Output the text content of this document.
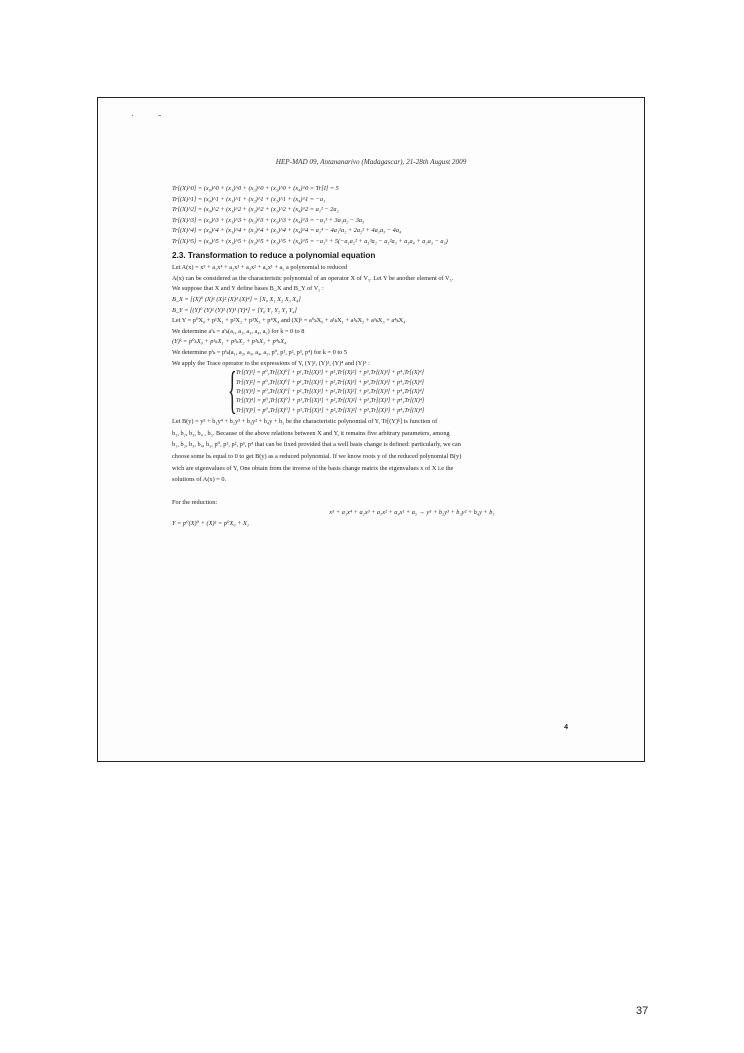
· -
HEP-MAD 09, Antananarivo (Madagascar), 21-28th August 2009
Tr[(X)^0] = (x₀)^0 + (x₁)^0 + (x₂)^0 + (x₃)^0 + (x₄)^0 = Tr[I] = 5
Tr[(X)^1] = (x₀)^1 + (x₁)^1 + (x₂)^1 + (x₃)^1 + (x₄)^1 = −a₁
Tr[(X)^2] = (x₀)^2 + (x₁)^2 + (x₂)^2 + (x₃)^2 + (x₄)^2 = a₁² − 2a₂
Tr[(X)^3] = (x₀)^3 + (x₁)^3 + (x₂)^3 + (x₃)^3 + (x₄)^3 = −a₁³ + 3a₁a₂ − 3a₃
Tr[(X)^4] = (x₀)^4 + (x₁)^4 + (x₂)^4 + (x₃)^4 + (x₄)^4 = a₁⁴ − 4a₁²a₂ + 2a₂² + 4a₁a₃ − 4a₄
Tr[(X)^5] = (x₀)^5 + (x₁)^5 + (x₂)^5 + (x₃)^5 + (x₄)^5 = −a₁⁵ + 5(−a₁a₂² + a₁³a₂ − a₁²a₃ + a₁a₄ + a₂a₃ − a₅)
2.3. Transformation to reduce a polynomial equation
Let A(x) = x⁵ + a₁x⁴ + a₂x³ + a₃x² + a₄x¹ + a₅ a polynomial to reduced
A(x) can be considered as the characteristic polynomial of an operator X of V₅. Let Y be another element of V₅.
We suppose that X and Y define bases B_X and B_Y of V₅ :
B_X = [(X)⁰ (X)¹ (X)² (X)³ (X)⁴] = [X₀ X₁ X₂ X₃ X₄]
B_Y = [(Y)⁰ (Y)¹ (Y)² (Y)³ (Y)⁴] = [Y₀ Y₁ Y₂ Y₃ Y₄]
Let Y = p⁰X₀ + p¹X₁ + p²X₂ + p³X₃ + p⁴X₄ and (X)ᵏ = a⁰ₖX₀ + a¹ₖX₁ + a²ₖX₂ + a³ₖX₃ + a⁴ₖX₄
We determine aⁱₖ = aⁱₖ(a₁, a₂, a₃, a₄, a₅) for k = 0 to 8
(Y)ᵏ = p⁰ₖX₀ + p¹ₖX₁ + p²ₖX₂ + p³ₖX₃ + p⁴ₖX₄
We determine pⁱₖ = pⁱₖ(a₁, a₂, a₃, a₄, a₅, p⁰, p¹, p², p³, p⁴) for k = 0 to 5
We apply the Trace operator to the expressions of Y, (Y)², (Y)³, (Y)⁴ and (Y)⁵ :
{ Tr[(Y)¹] = p⁰₁Tr[(X)⁰] + p¹₁Tr[(X)¹] + p²₁Tr[(X)²] + p³₁Tr[(X)³] + p⁴₁Tr[(X)⁴]
Tr[(Y)²] = p⁰₂Tr[(X)⁰] + p¹₂Tr[(X)¹] + p²₂Tr[(X)²] + p³₂Tr[(X)³] + p⁴₂Tr[(X)⁴]
Tr[(Y)³] = p⁰₃Tr[(X)⁰] + p¹₃Tr[(X)¹] + p²₃Tr[(X)²] + p³₃Tr[(X)³] + p⁴₃Tr[(X)⁴]
Tr[(Y)⁴] = p⁰₄Tr[(X)⁰] + p¹₄Tr[(X)¹] + p²₄Tr[(X)²] + p³₄Tr[(X)³] + p⁴₄Tr[(X)⁴]
Tr[(Y)⁵] = p⁰₅Tr[(X)⁰] + p¹₅Tr[(X)¹] + p²₅Tr[(X)²] + p³₅Tr[(X)³] + p⁴₅Tr[(X)⁴]
Let B(y) = y⁵ + b₁y⁴ + b₂y³ + b₃y² + b₄y + b₅ be the characteristic polynomial of Y, Tr[(Y)ᵏ] is function of
b₁, b₂, b₃, b₄ , b₅. Because of the above relations between X and Y, it remains five arbitrary parameters, among
b₁, b₂, b₃, b₄, b₅, p⁰, p¹, p², p³, p⁴ that can be fixed provided that a well basis change is defined: particularly, we can
choose some bₖ equal to 0 to get B(y) as a reduced polynomial. If we know roots y of the reduced polynomial B(y)
wich are eigenvalues of Y, One obtain from the inverse of the basis change matrix the eigenvalues x of X i.e the
solutions of A(x) = 0.
For the reduction:
x⁵ + a₁x⁴ + a₂x³ + a₃x² + a₄x¹ + a₅ → y⁵ + b₂y³ + b₃y² + b₄y + b₅
Y = p⁰(X)⁰ + (X)¹ = p⁰X₀ + X₁
4
37
